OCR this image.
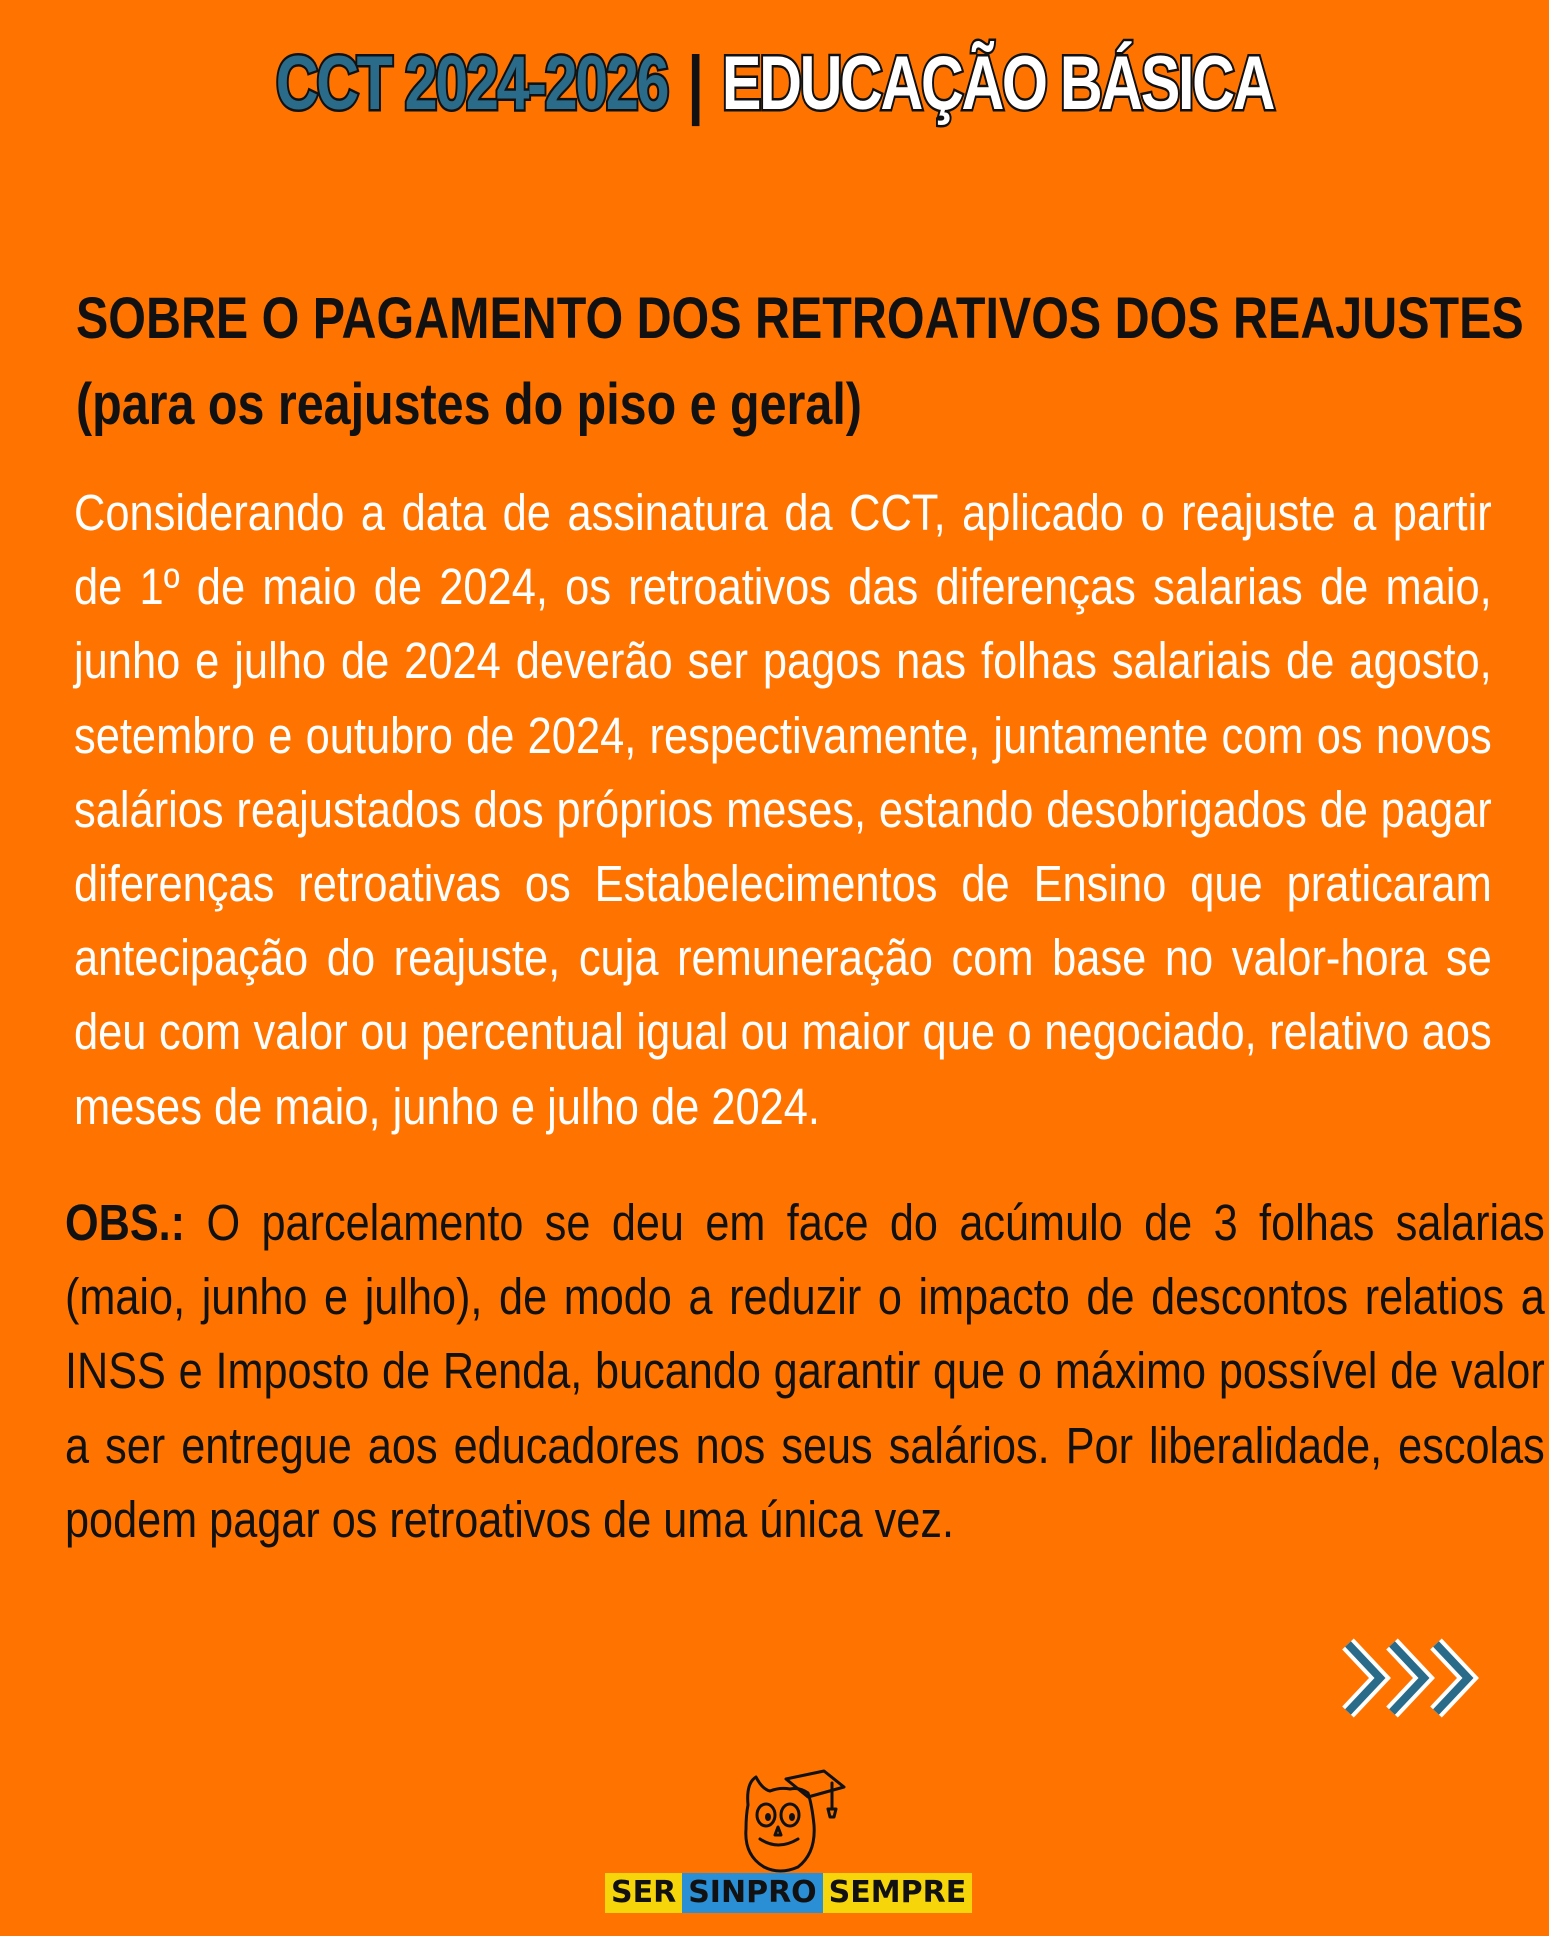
CCT 2024-2026 | EDUCAÇÃO BÁSICA
SOBRE O PAGAMENTO DOS RETROATIVOS DOS REAJUSTES
(para os reajustes do piso e geral)
Considerando a data de assinatura da CCT, aplicado o reajuste a partir de 1º de maio de 2024, os retroativos das diferenças salarias de maio, junho e julho de 2024 deverão ser pagos nas folhas salariais de agosto, setembro e outubro de 2024, respectivamente, juntamente com os novos salários reajustados dos próprios meses, estando desobrigados de pagar diferenças retroativas os Estabelecimentos de Ensino que praticaram antecipação do reajuste, cuja remuneração com base no valor-hora se deu com valor ou percentual igual ou maior que o negociado, relativo aos meses de maio, junho e julho de 2024.
OBS.: O parcelamento se deu em face do acúmulo de 3 folhas salarias (maio, junho e julho), de modo a reduzir o impacto de descontos relatios a INSS e Imposto de Renda, bucando garantir que o máximo possível de valor a ser entregue aos educadores nos seus salários. Por liberalidade, escolas podem pagar os retroativos de uma única vez.
SER SINPRO SEMPRE
